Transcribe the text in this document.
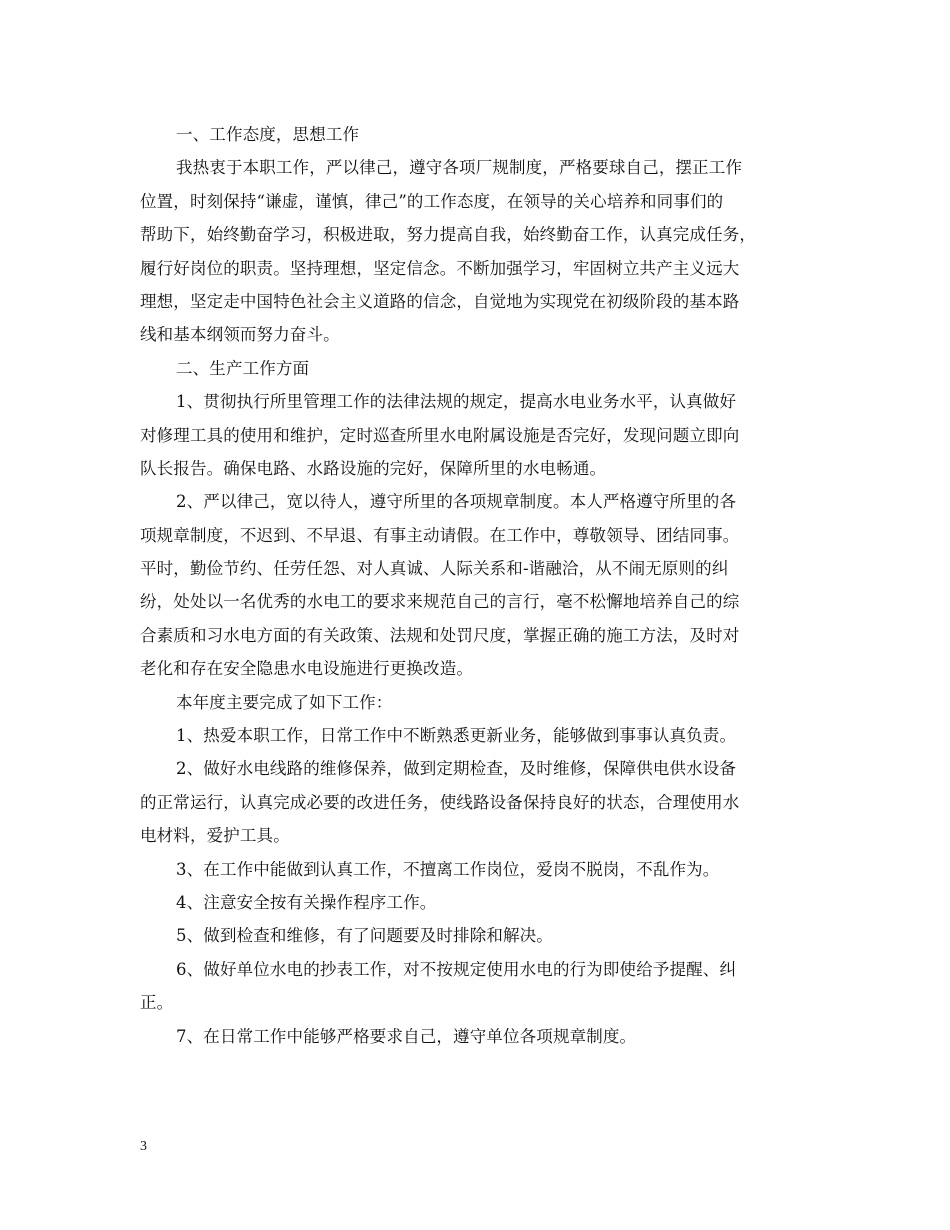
一、工作态度，思想工作
我热衷于本职工作，严以律己，遵守各项厂规制度，严格要球自己，摆正工作
位置，时刻保持“谦虚，谨慎，律己”的工作态度，在领导的关心培养和同事们的
帮助下，始终勤奋学习，积极进取，努力提高自我，始终勤奋工作，认真完成任务，
履行好岗位的职责。坚持理想，坚定信念。不断加强学习，牢固树立共产主义远大
理想，坚定走中国特色社会主义道路的信念，自觉地为实现党在初级阶段的基本路
线和基本纲领而努力奋斗。
二、生产工作方面
1、贯彻执行所里管理工作的法律法规的规定，提高水电业务水平，认真做好
对修理工具的使用和维护，定时巡查所里水电附属设施是否完好，发现问题立即向
队长报告。确保电路、水路设施的完好，保障所里的水电畅通。
2、严以律己，宽以待人，遵守所里的各项规章制度。本人严格遵守所里的各
项规章制度，不迟到、不早退、有事主动请假。在工作中，尊敬领导、团结同事。
平时，勤俭节约、任劳任怨、对人真诚、人际关系和-谐融洽，从不闹无原则的纠
纷，处处以一名优秀的水电工的要求来规范自己的言行，毫不松懈地培养自己的综
合素质和习水电方面的有关政策、法规和处罚尺度，掌握正确的施工方法，及时对
老化和存在安全隐患水电设施进行更换改造。
本年度主要完成了如下工作：
1、热爱本职工作，日常工作中不断熟悉更新业务，能够做到事事认真负责。
2、做好水电线路的维修保养，做到定期检查，及时维修，保障供电供水设备
的正常运行，认真完成必要的改进任务，使线路设备保持良好的状态，合理使用水
电材料，爱护工具。
3、在工作中能做到认真工作，不擅离工作岗位，爱岗不脱岗，不乱作为。
4、注意安全按有关操作程序工作。
5、做到检查和维修，有了问题要及时排除和解决。
6、做好单位水电的抄表工作，对不按规定使用水电的行为即使给予提醒、纠
正。
7、在日常工作中能够严格要求自己，遵守单位各项规章制度。
3
